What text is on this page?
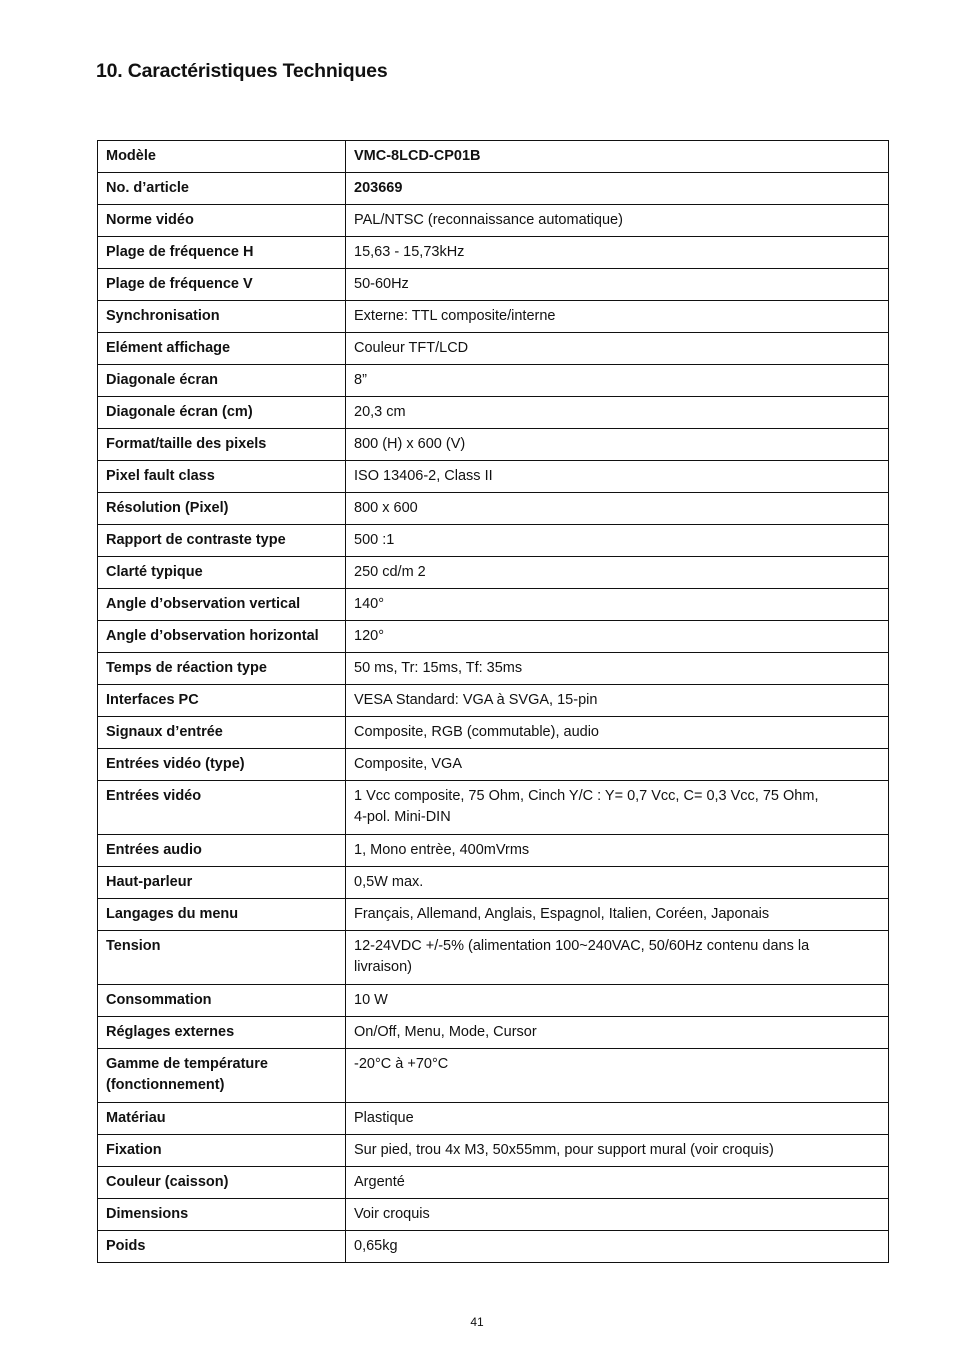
10. Caractéristiques Techniques
Modèle	VMC-8LCD-CP01B
No. d’article	203669
Norme vidéo	PAL/NTSC (reconnaissance automatique)
Plage de fréquence H	15,63 - 15,73kHz
Plage de fréquence V	50-60Hz
Synchronisation	Externe: TTL composite/interne
Elément affichage	Couleur TFT/LCD
Diagonale écran	8”
Diagonale écran (cm)	20,3 cm
Format/taille des pixels	800 (H) x 600 (V)
Pixel fault class	ISO 13406-2, Class II
Résolution (Pixel)	800 x 600
Rapport de contraste type	500 :1
Clarté typique	250 cd/m 2
Angle d’observation vertical	140°
Angle d’observation horizontal	120°
Temps de réaction type	50 ms, Tr: 15ms, Tf: 35ms
Interfaces PC	VESA Standard: VGA à SVGA, 15-pin
Signaux d’entrée	Composite, RGB (commutable), audio
Entrées vidéo (type)	Composite, VGA
Entrées vidéo	1 Vcc composite, 75 Ohm, Cinch Y/C : Y= 0,7 Vcc, C= 0,3 Vcc, 75 Ohm,
4-pol. Mini-DIN
Entrées audio	1, Mono entrèe, 400mVrms
Haut-parleur	0,5W max.
Langages du menu	Français, Allemand, Anglais, Espagnol, Italien, Coréen, Japonais
Tension	12-24VDC +/-5% (alimentation 100~240VAC, 50/60Hz contenu dans la
livraison)
Consommation	10 W
Réglages externes	On/Off, Menu, Mode, Cursor
Gamme de température
(fonctionnement)	-20°C à +70°C
Matériau	Plastique
Fixation	Sur pied, trou 4x M3, 50x55mm, pour support mural (voir croquis)
Couleur (caisson)	Argenté
Dimensions	Voir croquis
Poids	0,65kg
41
